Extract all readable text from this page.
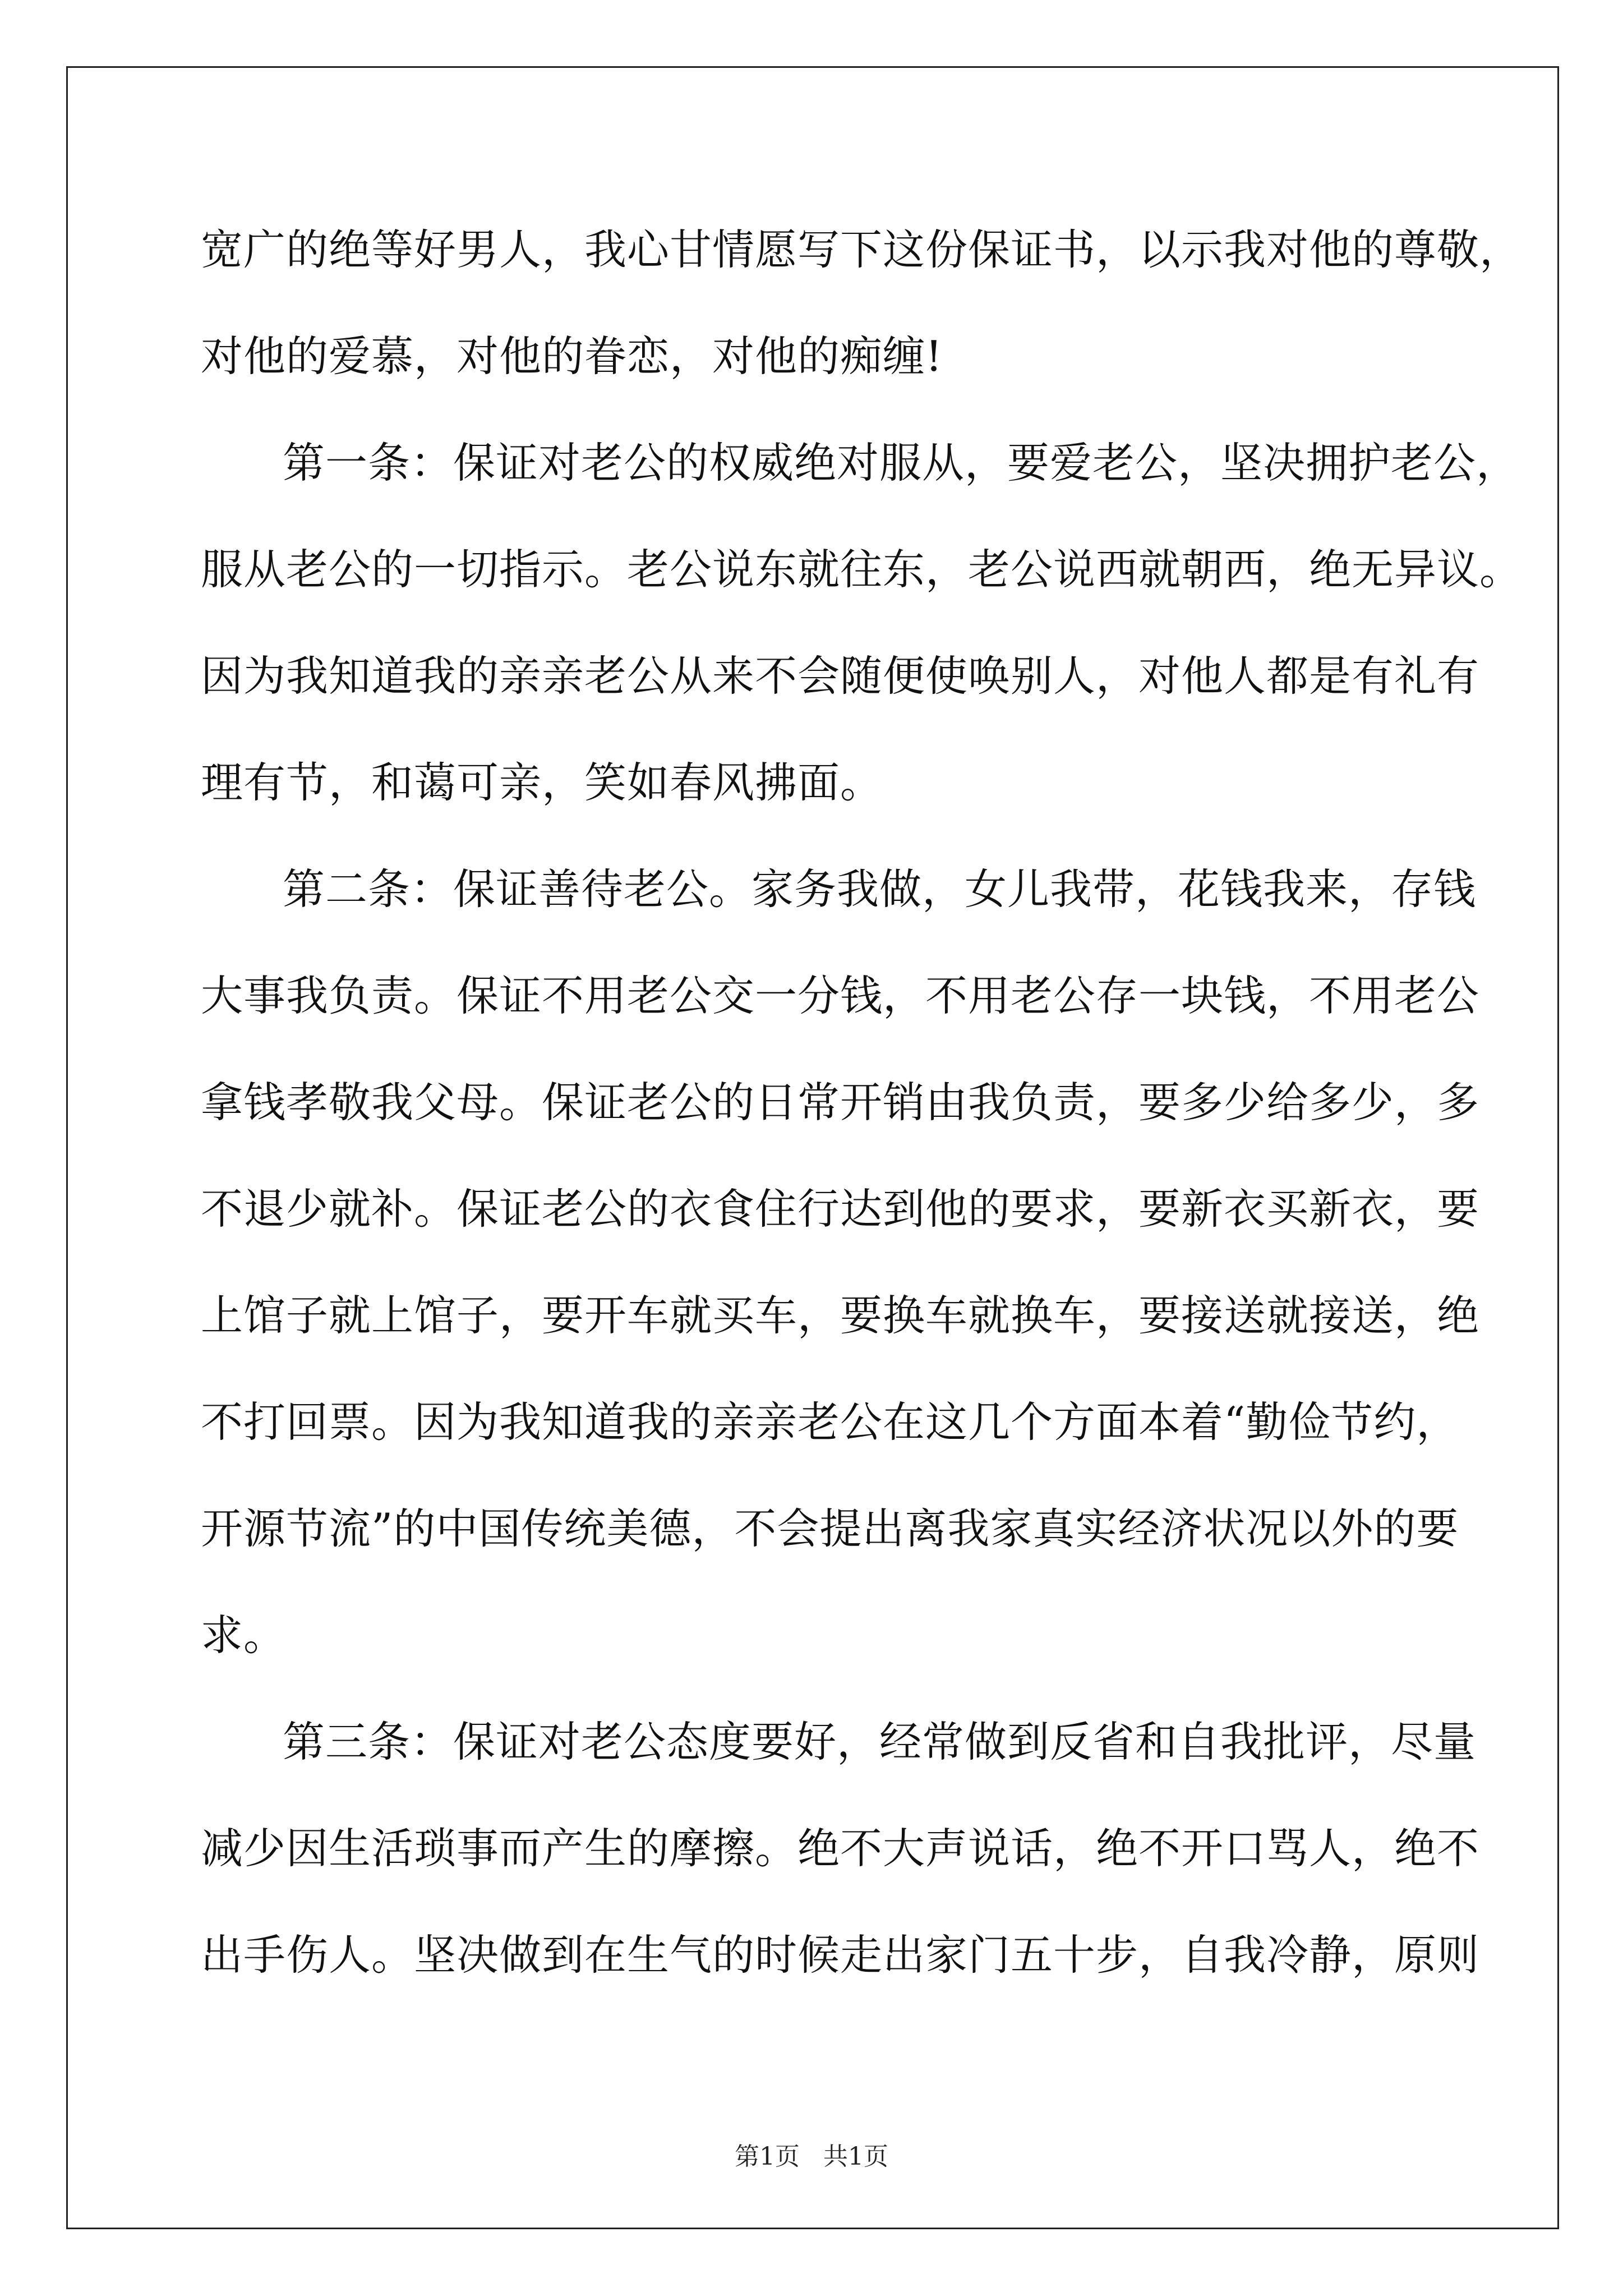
宽广的绝等好男人，我心甘情愿写下这份保证书，以示我对他的尊敬，
对他的爱慕，对他的眷恋，对他的痴缠!
第一条：保证对老公的权威绝对服从，要爱老公，坚决拥护老公，
服从老公的一切指示。老公说东就往东，老公说西就朝西，绝无异议。
因为我知道我的亲亲老公从来不会随便使唤别人，对他人都是有礼有
理有节，和蔼可亲，笑如春风拂面。
第二条：保证善待老公。家务我做，女儿我带，花钱我来，存钱
大事我负责。保证不用老公交一分钱，不用老公存一块钱，不用老公
拿钱孝敬我父母。保证老公的日常开销由我负责，要多少给多少，多
不退少就补。保证老公的衣食住行达到他的要求，要新衣买新衣，要
上馆子就上馆子，要开车就买车，要换车就换车，要接送就接送，绝
不打回票。因为我知道我的亲亲老公在这几个方面本着“勤俭节约，
开源节流”的中国传统美德，不会提出离我家真实经济状况以外的要
求。
第三条：保证对老公态度要好，经常做到反省和自我批评，尽量
减少因生活琐事而产生的摩擦。绝不大声说话，绝不开口骂人，绝不
出手伤人。坚决做到在生气的时候走出家门五十步，自我冷静，原则
第1页   共1页
